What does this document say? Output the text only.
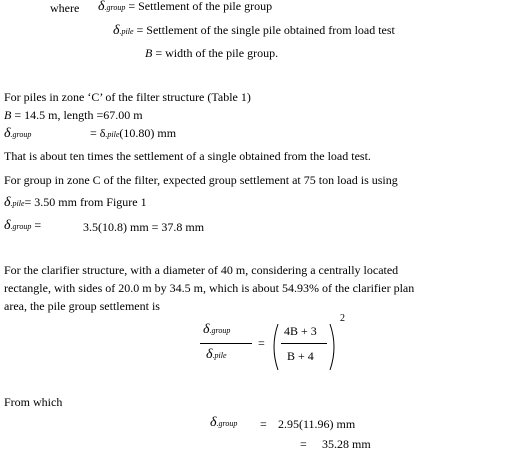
where δ.group = Settlement of the pile group
δ.pile = Settlement of the single pile obtained from load test
B = width of the pile group.
For piles in zone ‘C’ of the filter structure (Table 1)
B = 14.5 m, length =67.00 m
δ.group	= δ.pile(10.80) mm
That is about ten times the settlement of a single obtained from the load test.
For group in zone C of the filter, expected group settlement at 75 ton load is using
δ.pile= 3.50 mm from Figure 1
δ.group =	3.5(10.8) mm = 37.8 mm
For the clarifier structure, with a diameter of 40 m, considering a centrally located
rectangle, with sides of 20.0 m by 34.5 m, which is about 54.93% of the clarifier plan
area, the pile group settlement is
δ.group
δ.pile
=
4B + 3
B + 4
2
From which
δ.group = 2.95(11.96) mm
= 35.28 mm
